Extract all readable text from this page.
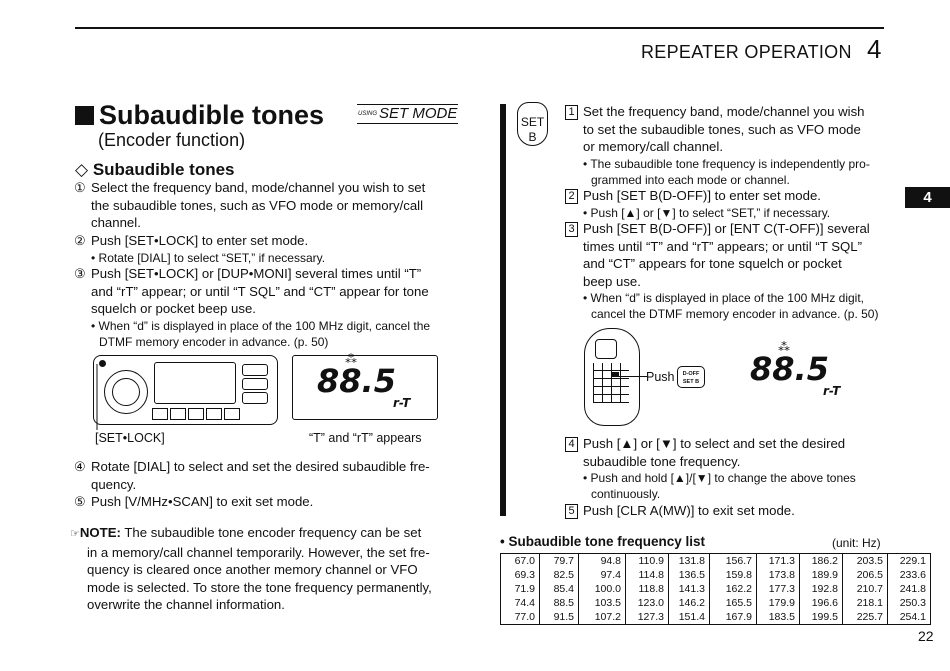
REPEATER OPERATION 4
4
22
Subaudible tones
(Encoder function)
USING SET MODE
◇ Subaudible tones
① Select the frequency band, mode/channel you wish to set
the subaudible tones, such as VFO mode or memory/call
channel.
② Push [SET•LOCK] to enter set mode.
• Rotate [DIAL] to select “SET,” if necessary.
③ Push [SET•LOCK] or [DUP•MONI] several times until “T”
and “rT” appear; or until “T SQL” and “CT” appear for tone
squelch or pocket beep use.
• When “d” is displayed in place of the 100 MHz digit, cancel the
DTMF memory encoder in advance. (p. 50)
[SET•LOCK]
⁂
88.5
r-T
“T” and “rT” appears
④ Rotate [DIAL] to select and set the desired subaudible fre-
quency.
⑤ Push [V/MHz•SCAN] to exit set mode.
☞NOTE: The subaudible tone encoder frequency can be set
in a memory/call channel temporarily. However, the set fre-
quency is cleared once another memory channel or VFO
mode is selected. To store the tone frequency permanently,
overwrite the channel information.
SET
B
1 Set the frequency band, mode/channel you wish
to set the subaudible tones, such as VFO mode
or memory/call channel.
• The subaudible tone frequency is independently pro-
grammed into each mode or channel.
2 Push [SET B(D-OFF)] to enter set mode.
• Push [▲] or [▼] to select “SET,” if necessary.
3 Push [SET B(D-OFF)] or [ENT C(T-OFF)] several
times until “T” and “rT” appears; or until “T SQL”
and “CT” appears for tone squelch or pocket
beep use.
• When “d” is displayed in place of the 100 MHz digit,
cancel the DTMF memory encoder in advance. (p. 50)
Push	D-OFF
SET B
⁂
88.5
r-T
4 Push [▲] or [▼] to select and set the desired
subaudible tone frequency.
• Push and hold [▲]/[▼] to change the above tones
continuously.
5 Push [CLR A(MW)] to exit set mode.
• Subaudible tone frequency list	(unit: Hz)
67.0	79.7	94.8	110.9	131.8	156.7	171.3	186.2	203.5	229.1
69.3	82.5	97.4	114.8	136.5	159.8	173.8	189.9	206.5	233.6
71.9	85.4	100.0	118.8	141.3	162.2	177.3	192.8	210.7	241.8
74.4	88.5	103.5	123.0	146.2	165.5	179.9	196.6	218.1	250.3
77.0	91.5	107.2	127.3	151.4	167.9	183.5	199.5	225.7	254.1
